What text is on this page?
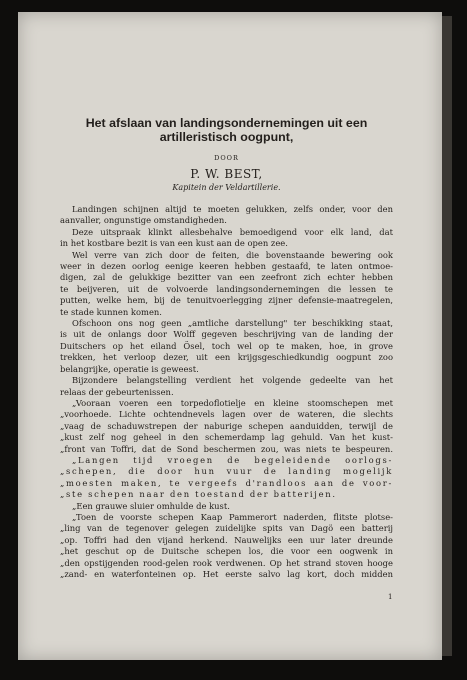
Het afslaan van landingsondernemingen uit een
artilleristisch oogpunt,
DOOR
P. W. BEST,
Kapitein der Veldartillerie.
Landingen schijnen altijd te moeten gelukken, zelfs onder, voor den
aanvaller, ongunstige omstandigheden.
Deze uitspraak klinkt allesbehalve bemoedigend voor elk land, dat
in het kostbare bezit is van een kust aan de open zee.
Wel verre van zich door de feiten, die bovenstaande bewering ook
weer in dezen oorlog eenige keeren hebben gestaafd, te laten ontmoe-
digen, zal de gelukkige bezitter van een zeefront zich echter hebben
te beijveren, uit de volvoerde landingsondernemingen die lessen te
putten, welke hem, bij de tenuitvoerlegging zijner defensie-maatregelen,
te stade kunnen komen.
Ofschoon ons nog geen „amtliche darstellung" ter beschikking staat,
is uit de onlangs door Wolff gegeven beschrijving van de landing der
Duitschers op het eiland Ösel, toch wel op te maken, hoe, in grove
trekken, het verloop dezer, uit een krijgsgeschiedkundig oogpunt zoo
belangrijke, operatie is geweest.
Bijzondere belangstelling verdient het volgende gedeelte van het
relaas der gebeurtenissen.
„Vooraan voeren een torpedoflotielje en kleine stoomschepen met
„voorhoede. Lichte ochtendnevels lagen over de wateren, die slechts
„vaag de schaduwstrepen der naburige schepen aanduidden, terwijl de
„kust zelf nog geheel in den schemerdamp lag gehuld. Van het kust-
„front van Toffri, dat de Sond beschermen zou, was niets te bespeuren.
„Langen tijd vroegen de begeleidende oorlogs-
„schepen, die door hun vuur de landing mogelijk
„moesten maken, te vergeefs d'randloos aan de voor-
„ste schepen naar den toestand der batterijen.
„Een grauwe sluier omhulde de kust.
„Toen de voorste schepen Kaap Pammerort naderden, flitste plotse-
„ling van de tegenover gelegen zuidelijke spits van Dagö een batterij
„op. Toffri had den vijand herkend. Nauwelijks een uur later dreunde
„het geschut op de Duitsche schepen los, die voor een oogwenk in
„den opstijgenden rood-gelen rook verdwenen. Op het strand stoven hooge
„zand- en waterfonteinen op. Het eerste salvo lag kort, doch midden
1
